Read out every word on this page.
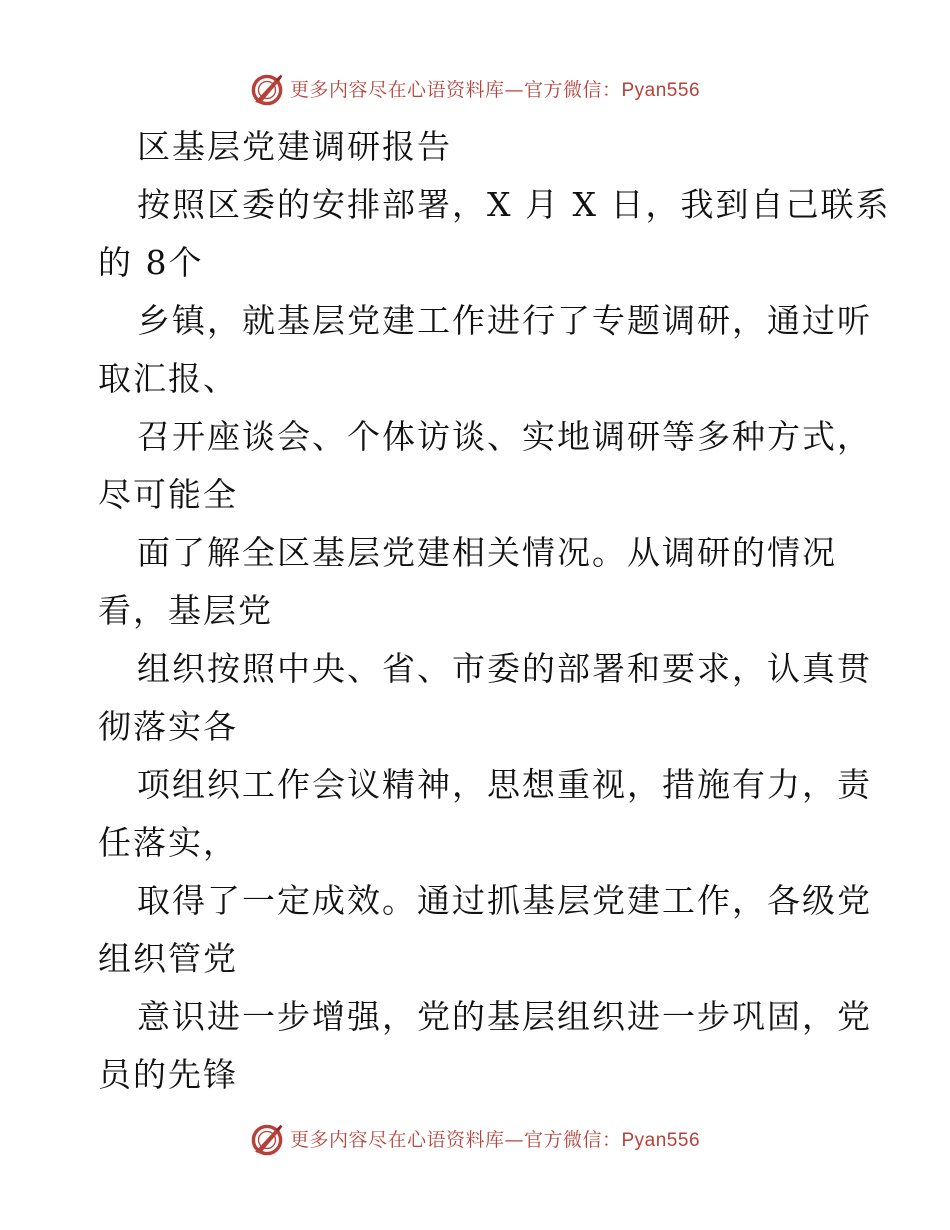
更多内容尽在心语资料库—官方微信：Pyan556
区基层党建调研报告
按照区委的安排部署，X 月 X 日，我到自己联系
的 8个
乡镇，就基层党建工作进行了专题调研，通过听
取汇报、
召开座谈会、个体访谈、实地调研等多种方式，
尽可能全
面了解全区基层党建相关情况。从调研的情况
看，基层党
组织按照中央、省、市委的部署和要求，认真贯
彻落实各
项组织工作会议精神，思想重视，措施有力，责
任落实，
取得了一定成效。通过抓基层党建工作，各级党
组织管党
意识进一步增强，党的基层组织进一步巩固，党
员的先锋
更多内容尽在心语资料库—官方微信：Pyan556
